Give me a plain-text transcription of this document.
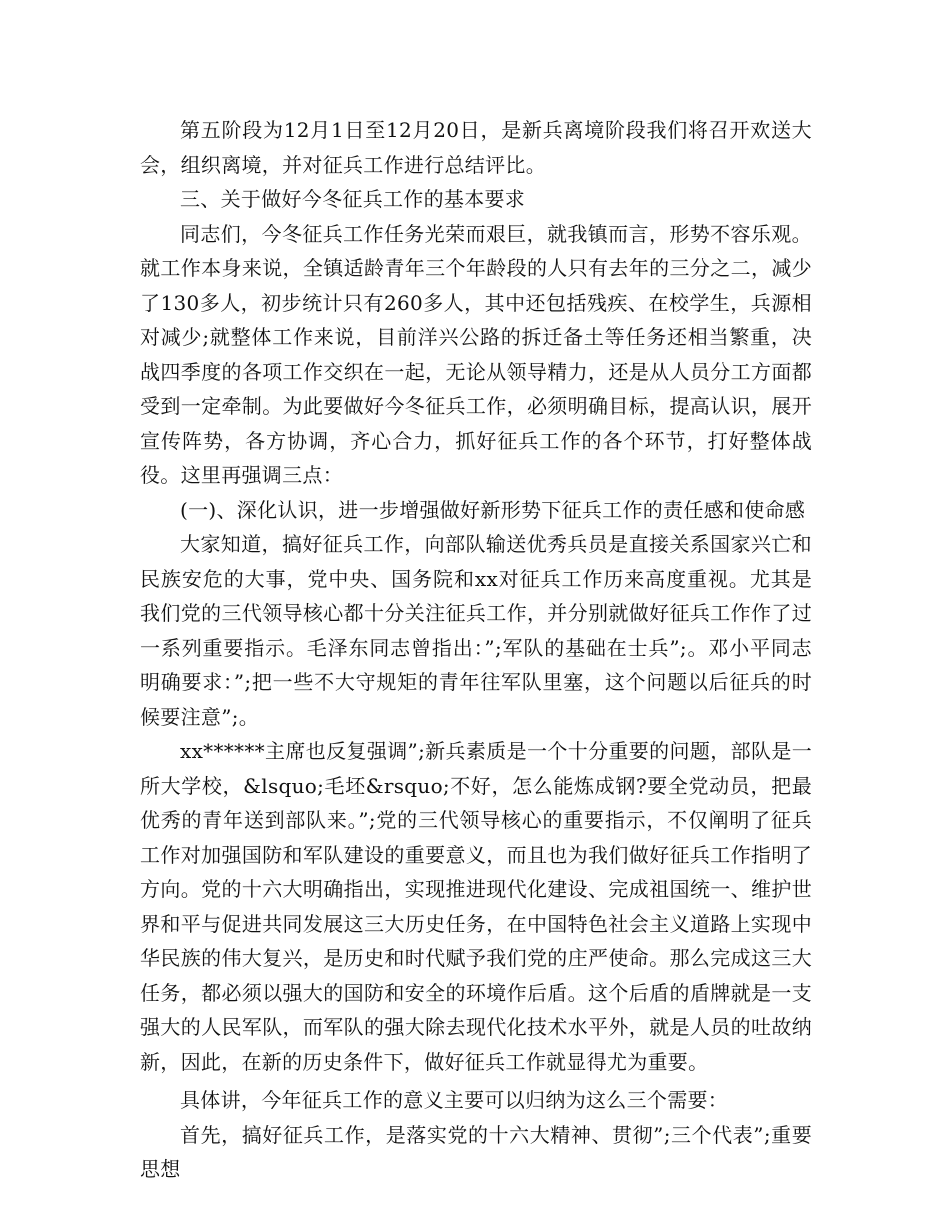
第五阶段为12月1日至12月20日，是新兵离境阶段我们将召开欢送大会，组织离境，并对征兵工作进行总结评比。

三、关于做好今冬征兵工作的基本要求

同志们，今冬征兵工作任务光荣而艰巨，就我镇而言，形势不容乐观。就工作本身来说，全镇适龄青年三个年龄段的人只有去年的三分之二，减少了130多人，初步统计只有260多人，其中还包括残疾、在校学生，兵源相对减少;就整体工作来说，目前洋兴公路的拆迁备土等任务还相当繁重，决战四季度的各项工作交织在一起，无论从领导精力，还是从人员分工方面都受到一定牵制。为此要做好今冬征兵工作，必须明确目标，提高认识，展开宣传阵势，各方协调，齐心合力，抓好征兵工作的各个环节，打好整体战役。这里再强调三点：

(一)、深化认识，进一步增强做好新形势下征兵工作的责任感和使命感

大家知道，搞好征兵工作，向部队输送优秀兵员是直接关系国家兴亡和民族安危的大事，党中央、国务院和xx对征兵工作历来高度重视。尤其是我们党的三代领导核心都十分关注征兵工作，并分别就做好征兵工作作了过一系列重要指示。毛泽东同志曾指出：”;军队的基础在士兵”;。邓小平同志明确要求：”;把一些不大守规矩的青年往军队里塞，这个问题以后征兵的时候要注意”;。

xx******主席也反复强调”;新兵素质是一个十分重要的问题，部队是一所大学校，&lsquo;毛坯&rsquo;不好，怎么能炼成钢?要全党动员，把最优秀的青年送到部队来。”;党的三代领导核心的重要指示，不仅阐明了征兵工作对加强国防和军队建设的重要意义，而且也为我们做好征兵工作指明了方向。党的十六大明确指出，实现推进现代化建设、完成祖国统一、维护世界和平与促进共同发展这三大历史任务，在中国特色社会主义道路上实现中华民族的伟大复兴，是历史和时代赋予我们党的庄严使命。那么完成这三大任务，都必须以强大的国防和安全的环境作后盾。这个后盾的盾牌就是一支强大的人民军队，而军队的强大除去现代化技术水平外，就是人员的吐故纳新，因此，在新的历史条件下，做好征兵工作就显得尤为重要。

具体讲，今年征兵工作的意义主要可以归纳为这么三个需要：

首先，搞好征兵工作，是落实党的十六大精神、贯彻”;三个代表”;重要思想
